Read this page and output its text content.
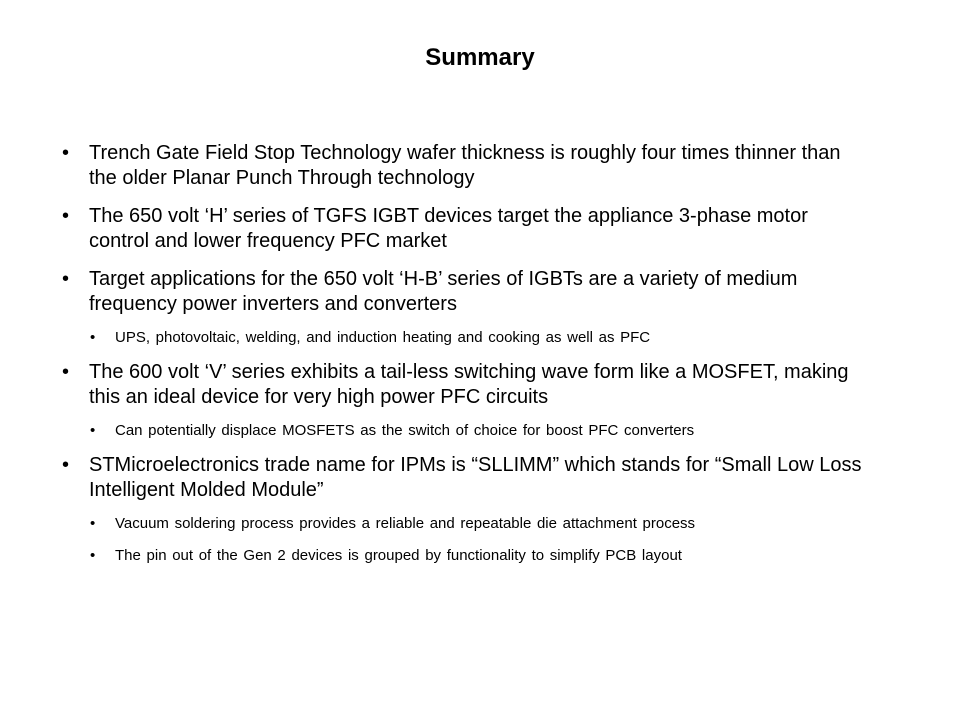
Summary
• Trench Gate Field Stop Technology wafer thickness is roughly four times thinner than the older Planar Punch Through technology
• The 650 volt ‘H’ series of TGFS IGBT devices target the appliance 3-phase motor control and lower frequency PFC market
• Target applications for the 650 volt ‘H-B’ series of IGBTs are a variety of medium frequency power inverters and converters
• UPS, photovoltaic, welding, and induction heating and cooking as well as PFC
• The 600 volt ‘V’ series exhibits a tail-less switching wave form like a MOSFET, making this an ideal device for very high power PFC circuits
• Can potentially displace MOSFETS as the switch of choice for boost PFC converters
• STMicroelectronics trade name for IPMs is “SLLIMM” which stands for “Small Low Loss Intelligent Molded Module”
• Vacuum soldering process provides a reliable and repeatable die attachment process
• The pin out of the Gen 2 devices is grouped by functionality to simplify PCB layout
